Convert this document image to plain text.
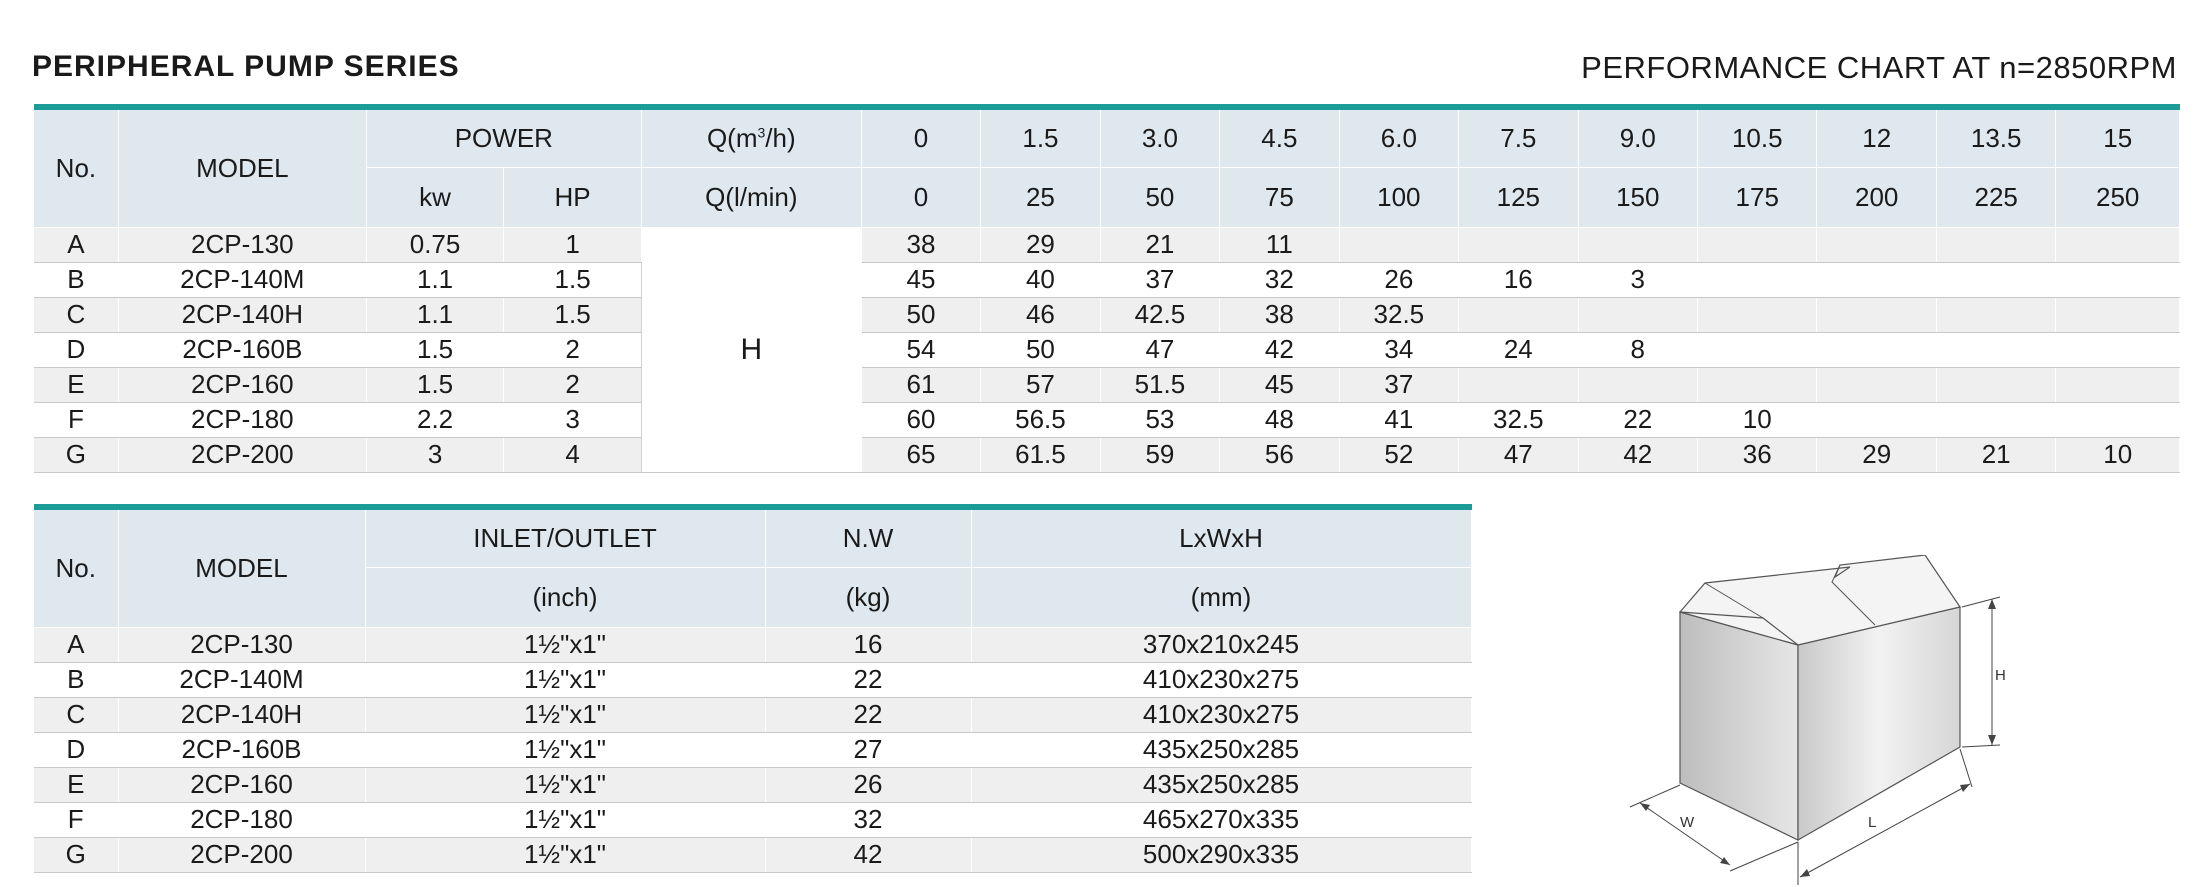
PERIPHERAL PUMP SERIES	PERFORMANCE CHART AT n=2850RPM
No.	MODEL	POWER		$Q(m^3/h)$	0	1.5	3.0	4.5	6.0	7.5	9.0	10.5	12	13.5	15
		kw	HP	Q(l/min)	0	25	50	75	100	125	150	175	200	225	250
A	2CP-130	0.75	1	H	38	29	21	11							
B	2CP-140M	1.1	1.5		45	40	37	32	26	16	3				
C	2CP-140H	1.1	1.5		50	46	42.5	38	32.5						
D	2CP-160B	1.5	2		54	50	47	42	34	24	8				
E	2CP-160	1.5	2		61	57	51.5	45	37						
F	2CP-180	2.2	3		60	56.5	53	48	41	32.5	22	10			
G	2CP-200	3	4		65	61.5	59	56	52	47	42	36	29	21	10
No.	MODEL	INLET/OUTLET	N.W	LxWxH
		(inch)	(kg)	(mm)
A	2CP-130	1½"x1"	16	370x210x245
B	2CP-140M	1½"x1"	22	410x230x275
C	2CP-140H	1½"x1"	22	410x230x275
D	2CP-160B	1½"x1"	27	435x250x285
E	2CP-160	1½"x1"	26	435x250x285
F	2CP-180	1½"x1"	32	465x270x335
G	2CP-200	1½"x1"	42	500x290x335
H
W	L
